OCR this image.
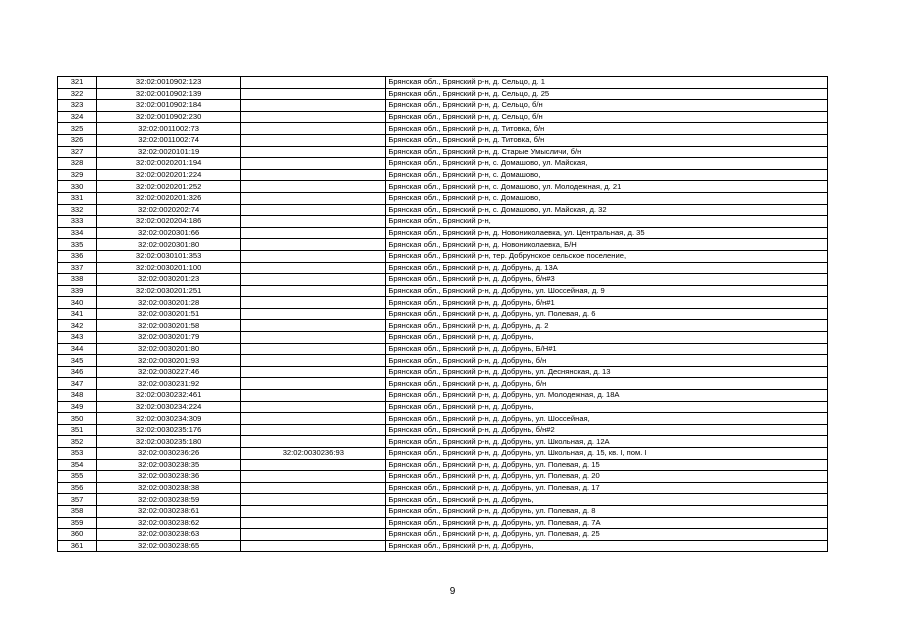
321	32:02:0010902:123		Брянская обл., Брянский р-н, д. Сельцо, д. 1
322	32:02:0010902:139		Брянская обл., Брянский р-н, д. Сельцо, д. 25
323	32:02:0010902:184		Брянская обл., Брянский р-н, д. Сельцо, б/н
324	32:02:0010902:230		Брянская обл., Брянский р-н, д. Сельцо, б/н
325	32:02:0011002:73		Брянская обл., Брянский р-н, д. Титовка, б/н
326	32:02:0011002:74		Брянская обл., Брянский р-н, д. Титовка, б/н
327	32:02:0020101:19		Брянская обл., Брянский р-н, д. Старые Умысличи, б/н
328	32:02:0020201:194		Брянская обл., Брянский р-н, с. Домашово, ул. Майская,
329	32:02:0020201:224		Брянская обл., Брянский р-н, с. Домашово,
330	32:02:0020201:252		Брянская обл., Брянский р-н, с. Домашово, ул. Молодежная, д. 21
331	32:02:0020201:326		Брянская обл., Брянский р-н, с. Домашово,
332	32:02:0020202:74		Брянская обл., Брянский р-н, с. Домашово, ул. Майская, д. 32
333	32:02:0020204:186		Брянская обл., Брянский р-н,
334	32:02:0020301:66		Брянская обл., Брянский р-н, д. Новониколаевка, ул. Центральная, д. 35
335	32:02:0020301:80		Брянская обл., Брянский р-н, д. Новониколаевка, Б/Н
336	32:02:0030101:353		Брянская обл., Брянский р-н, тер. Добрунское сельское поселение,
337	32:02:0030201:100		Брянская обл., Брянский р-н, д. Добрунь, д. 13А
338	32:02:0030201:23		Брянская обл., Брянский р-н, д. Добрунь, б/н#3
339	32:02:0030201:251		Брянская обл., Брянский р-н, д. Добрунь, ул. Шоссейная, д. 9
340	32:02:0030201:28		Брянская обл., Брянский р-н, д. Добрунь, б/н#1
341	32:02:0030201:51		Брянская обл., Брянский р-н, д. Добрунь, ул. Полевая, д. 6
342	32:02:0030201:58		Брянская обл., Брянский р-н, д. Добрунь, д. 2
343	32:02:0030201:79		Брянская обл., Брянский р-н, д. Добрунь,
344	32:02:0030201:80		Брянская обл., Брянский р-н, д. Добрунь, Б/Н#1
345	32:02:0030201:93		Брянская обл., Брянский р-н, д. Добрунь, б/н
346	32:02:0030227:46		Брянская обл., Брянский р-н, д. Добрунь, ул. Деснянская, д. 13
347	32:02:0030231:92		Брянская обл., Брянский р-н, д. Добрунь, б/н
348	32:02:0030232:461		Брянская обл., Брянский р-н, д. Добрунь, ул. Молодежная, д. 18А
349	32:02:0030234:224		Брянская обл., Брянский р-н, д. Добрунь,
350	32:02:0030234:309		Брянская обл., Брянский р-н, д. Добрунь, ул. Шоссейная,
351	32:02:0030235:176		Брянская обл., Брянский р-н, д. Добрунь, б/н#2
352	32:02:0030235:180		Брянская обл., Брянский р-н, д. Добрунь, ул. Школьная, д. 12А
353	32:02:0030236:26	32:02:0030236:93	Брянская обл., Брянский р-н, д. Добрунь, ул. Школьная, д. 15, кв. I, пом. I
354	32:02:0030238:35		Брянская обл., Брянский р-н, д. Добрунь, ул. Полевая, д. 15
355	32:02:0030238:36		Брянская обл., Брянский р-н, д. Добрунь, ул. Полевая, д. 20
356	32:02:0030238:38		Брянская обл., Брянский р-н, д. Добрунь, ул. Полевая, д. 17
357	32:02:0030238:59		Брянская обл., Брянский р-н, д. Добрунь,
358	32:02:0030238:61		Брянская обл., Брянский р-н, д. Добрунь, ул. Полевая, д. 8
359	32:02:0030238:62		Брянская обл., Брянский р-н, д. Добрунь, ул. Полевая, д. 7А
360	32:02:0030238:63		Брянская обл., Брянский р-н, д. Добрунь, ул. Полевая, д. 25
361	32:02:0030238:65		Брянская обл., Брянский р-н, д. Добрунь,
9
